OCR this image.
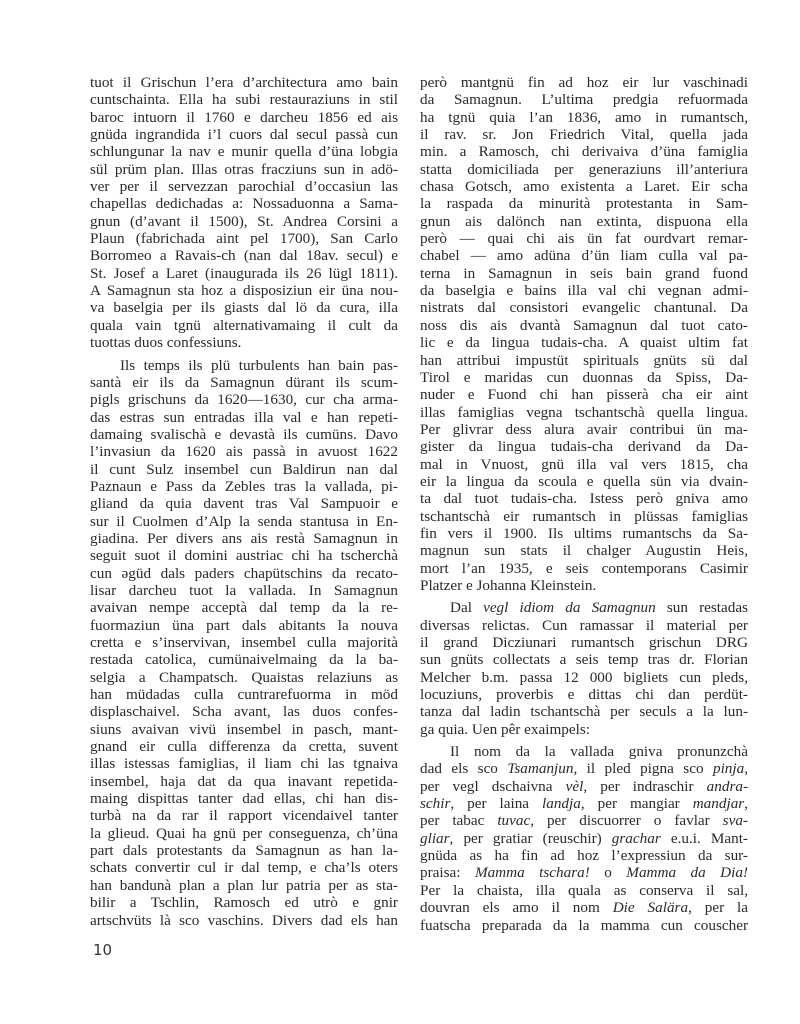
tuot il Grischun l’era d’architectura amo bain
cuntschainta. Ella ha subi restauraziuns in stil
baroc intuorn il 1760 e darcheu 1856 ed ais
gnüda ingrandida i’l cuors dal secul passà cun
schlungunar la nav e munir quella d’üna lobgia
sül prüm plan. Illas otras fracziuns sun in adö-
ver per il servezzan parochial d’occasiun las
chapellas dedichadas a: Nossaduonna a Sama-
gnun (d’avant il 1500), St. Andrea Corsini a
Plaun (fabrichada aint pel 1700), San Carlo
Borromeo a Ravais-ch (nan dal 18av. secul) e
St. Josef a Laret (inaugurada ils 26 lügl 1811).
A Samagnun sta hoz a disposiziun eir üna nou-
va baselgia per ils giasts dal lö da cura, illa
quala vain tgnü alternativamaing il cult da
tuottas duos confessiuns.
Ils temps ils plü turbulents han bain pas-
santà eir ils da Samagnun dürant ils scum-
pigls grischuns da 1620—1630, cur cha arma-
das estras sun entradas illa val e han repeti-
damaing svalischà e devastà ils cumüns. Davo
l’invasiun da 1620 ais passà in avuost 1622
il cunt Sulz insembel cun Baldirun nan dal
Paznaun e Pass da Zebles tras la vallada, pi-
gliand da quia davent tras Val Sampuoir e
sur il Cuolmen d’Alp la senda stantusa in En-
giadina. Per divers ans ais restà Samagnun in
seguit suot il domini austriac chi ha tscherchà
cun əgüd dals paders chapütschins da recato-
lisar darcheu tuot la vallada. In Samagnun
avaivan nempe acceptà dal temp da la re-
fuormaziun üna part dals abitants la nouva
cretta e s’inservivan, insembel culla majorità
restada catolica, cumünaivelmaing da la ba-
selgia a Champatsch. Quaistas relaziuns as
han müdadas culla cuntrarefuorma in möd
displaschaivel. Scha avant, las duos confes-
siuns avaivan vivü insembel in pasch, mant-
gnand eir culla differenza da cretta, suvent
illas istessas famiglias, il liam chi las tgnaiva
insembel, haja dat da qua inavant repetida-
maing dispittas tanter dad ellas, chi han dis-
turbà na da rar il rapport vicendaivel tanter
la glieud. Quai ha gnü per conseguenza, ch’üna
part dals protestants da Samagnun as han la-
schats convertir cul ir dal temp, e cha’ls oters
han bandunà plan a plan lur patria per as sta-
bilir a Tschlin, Ramosch ed utrò e gnir
artschvüts là sco vaschins. Divers dad els han
però mantgnü fin ad hoz eir lur vaschinadi
da Samagnun. L’ultima predgia refuormada
ha tgnü quia l’an 1836, amo in rumantsch,
il rav. sr. Jon Friedrich Vital, quella jada
min. a Ramosch, chi derivaiva d’üna famiglia
statta domiciliada per generaziuns ill’anteriura
chasa Gotsch, amo existenta a Laret. Eir scha
la raspada da minurità protestanta in Sam-
gnun ais dalönch nan extinta, dispuona ella
però — quai chi ais ün fat ourdvart remar-
chabel — amo adüna d’ün liam culla val pa-
terna in Samagnun in seis bain grand fuond
da baselgia e bains illa val chi vegnan admi-
nistrats dal consistori evangelic chantunal. Da
noss dis ais dvantà Samagnun dal tuot cato-
lic e da lingua tudais-cha. A quaist ultim fat
han attribui impustüt spirituals gnüts sü dal
Tirol e maridas cun duonnas da Spiss, Da-
nuder e Fuond chi han pisserà cha eir aint
illas famiglias vegna tschantschà quella lingua.
Per glivrar dess alura avair contribui ün ma-
gister da lingua tudais-cha derivand da Da-
mal in Vnuost, gnü illa val vers 1815, cha
eir la lingua da scoula e quella sün via dvain-
ta dal tuot tudais-cha. Istess però gniva amo
tschantschà eir rumantsch in plüssas famiglias
fin vers il 1900. Ils ultims rumantschs da Sa-
magnun sun stats il chalger Augustin Heis,
mort l’an 1935, e seis contemporans Casimir
Platzer e Johanna Kleinstein.
Dal vegl idiom da Samagnun sun restadas
diversas relictas. Cun ramassar il material per
il grand Dicziunari rumantsch grischun DRG
sun gnüts collectats a seis temp tras dr. Florian
Melcher b.m. passa 12 000 bigliets cun pleds,
locuziuns, proverbis e dittas chi dan perdüt-
tanza dal ladin tschantschà per seculs a la lun-
ga quia. Uen pêr exaimpels:
Il nom da la vallada gniva pronunzchà
dad els sco Tsamanjun, il pled pigna sco pinja,
per vegl dschaivna vèl, per indraschir andra-
schir, per laina landja, per mangiar mandjar,
per tabac tuvac, per discuorrer o favlar sva-
gliar, per gratiar (reuschir) grachar e.u.i. Mant-
gnüda as ha fin ad hoz l’expressiun da sur-
praisa: Mamma tschara! o Mamma da Dia!
Per la chaista, illa quala as conserva il sal,
douvran els amo il nom Die Salära, per la
fuatscha preparada da la mamma cun couscher
10
